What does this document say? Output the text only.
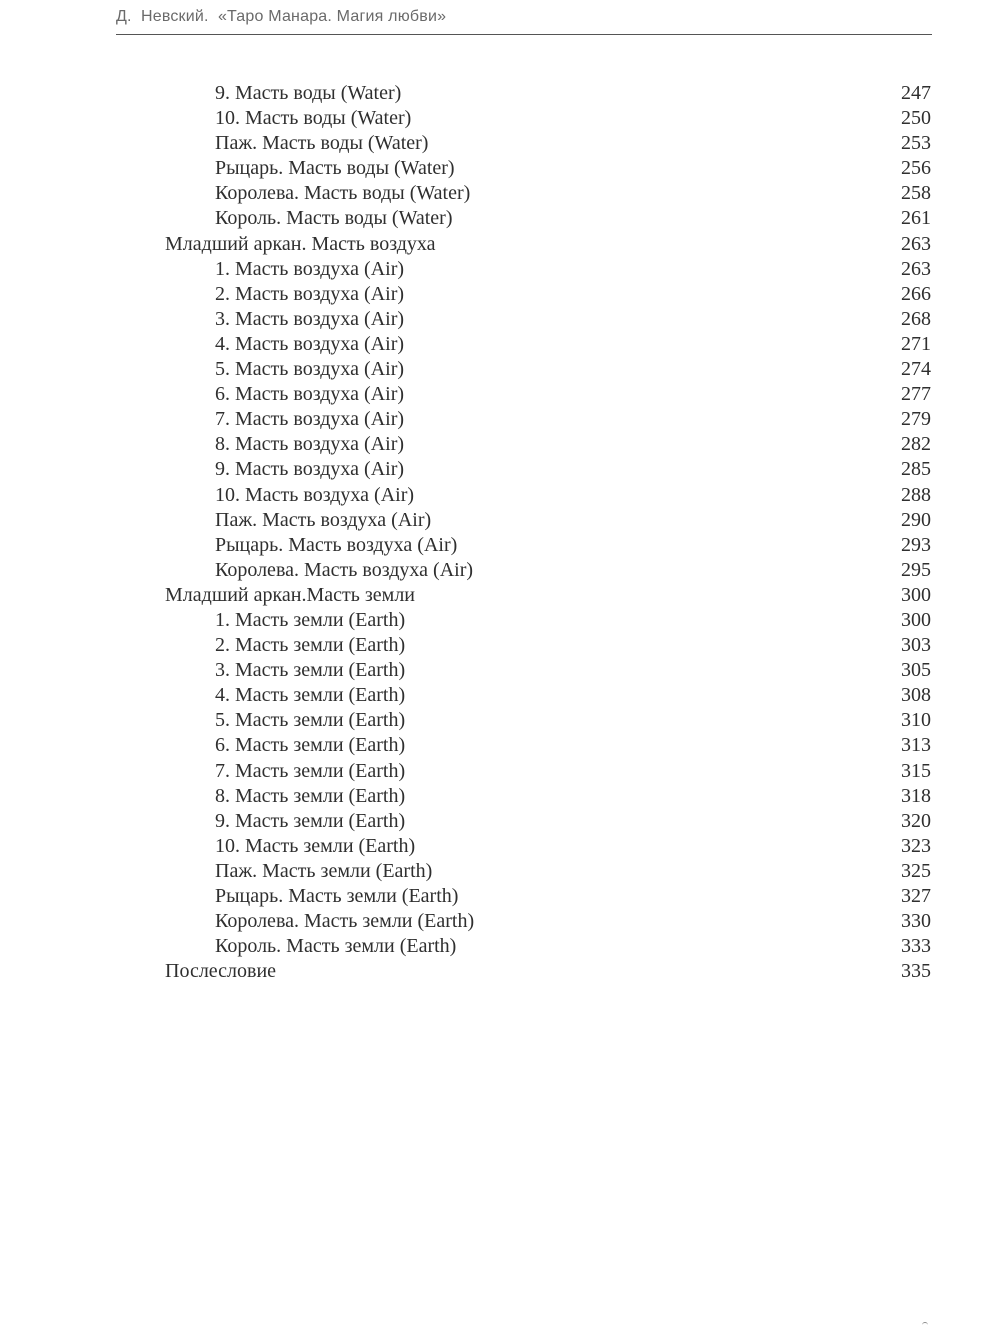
Д.  Невский.  «Таро Манара. Магия любви»
9. Масть воды (Water)	247
10. Масть воды (Water)	250
Паж. Масть воды (Water)	253
Рыцарь. Масть воды (Water)	256
Королева. Масть воды (Water)	258
Король. Масть воды (Water)	261
Младший аркан. Масть воздуха	263
1. Масть воздуха (Air)	263
2. Масть воздуха (Air)	266
3. Масть воздуха (Air)	268
4. Масть воздуха (Air)	271
5. Масть воздуха (Air)	274
6. Масть воздуха (Air)	277
7. Масть воздуха (Air)	279
8. Масть воздуха (Air)	282
9. Масть воздуха (Air)	285
10. Масть воздуха (Air)	288
Паж. Масть воздуха (Air)	290
Рыцарь. Масть воздуха (Air)	293
Королева. Масть воздуха (Air)	295
Младший аркан.Масть земли	300
1. Масть земли (Earth)	300
2. Масть земли (Earth)	303
3. Масть земли (Earth)	305
4. Масть земли (Earth)	308
5. Масть земли (Earth)	310
6. Масть земли (Earth)	313
7. Масть земли (Earth)	315
8. Масть земли (Earth)	318
9. Масть земли (Earth)	320
10. Масть земли (Earth)	323
Паж. Масть земли (Earth)	325
Рыцарь. Масть земли (Earth)	327
Королева. Масть земли (Earth)	330
Король. Масть земли (Earth)	333
Послесловие	335
